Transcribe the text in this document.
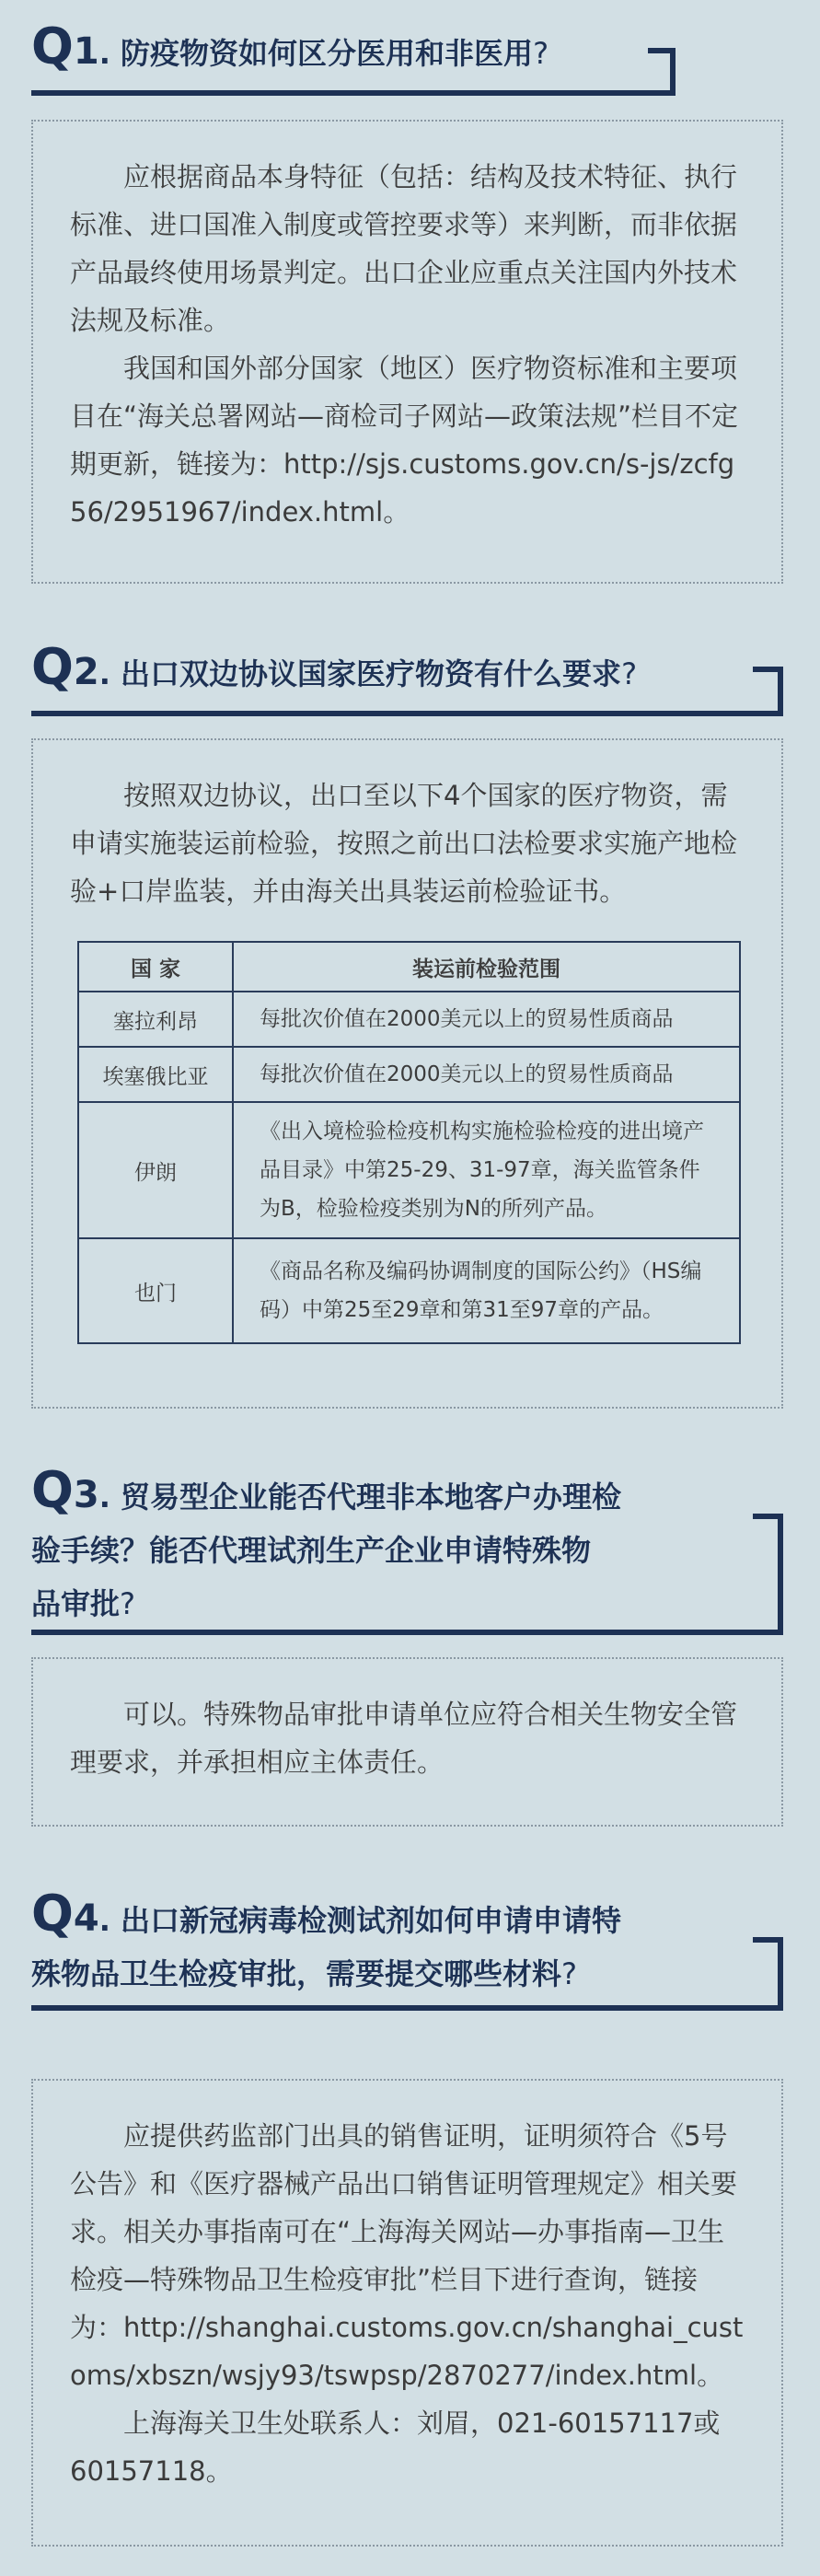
Q1. 防疫物资如何区分医用和非医用?

应根据商品本身特征（包括：结构及技术特征、执行标准、进口国准入制度或管控要求等）来判断，而非依据产品最终使用场景判定。出口企业应重点关注国内外技术法规及标准。

我国和国外部分国家（地区）医疗物资标准和主要项目在“海关总署网站—商检司子网站—政策法规”栏目不定期更新，链接为：http://sjs.customs.gov.cn/s-js/zcfg56/2951967/index.html。

Q2. 出口双边协议国家医疗物资有什么要求?

按照双边协议，出口至以下4个国家的医疗物资，需申请实施装运前检验，按照之前出口法检要求实施产地检验+口岸监装，并由海关出具装运前检验证书。

国 家	装运前检验范围
塞拉利昂	每批次价值在2000美元以上的贸易性质商品
埃塞俄比亚	每批次价值在2000美元以上的贸易性质商品
伊朗	《出入境检验检疫机构实施检验检疫的进出境产品目录》中第25-29、31-97章，海关监管条件为B，检验检疫类别为N的所列产品。
也门	《商品名称及编码协调制度的国际公约》（HS编码）中第25至29章和第31至97章的产品。
Q3. 贸易型企业能否代理非本地客户办理检
验手续？能否代理试剂生产企业申请特殊物
品审批?

可以。特殊物品审批申请单位应符合相关生物安全管理要求，并承担相应主体责任。

Q4. 出口新冠病毒检测试剂如何申请申请特
殊物品卫生检疫审批，需要提交哪些材料?

应提供药监部门出具的销售证明，证明须符合《5号公告》和《医疗器械产品出口销售证明管理规定》相关要求。相关办事指南可在“上海海关网站—办事指南—卫生检疫—特殊物品卫生检疫审批”栏目下进行查询，链接为：http://shanghai.customs.gov.cn/shanghai_customs/xbszn/wsjy93/tswpsp/2870277/index.html。

上海海关卫生处联系人：刘眉，021-60157117或60157118。
